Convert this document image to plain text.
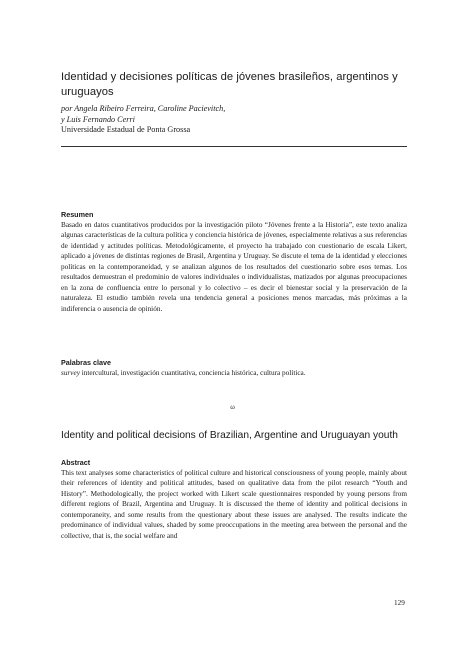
Identidad y decisiones políticas de jóvenes brasileños, argentinos y uruguayos
por Angela Ribeiro Ferreira, Caroline Pacievitch,
y Luis Fernando Cerri
Universidade Estadual de Ponta Grossa
Resumen

Basado en datos cuantitativos producidos por la investigación piloto “Jóvenes frente a la Historia”, este texto analiza algunas características de la cultura política y conciencia histórica de jóvenes, especialmente relativas a sus referencias de identidad y actitudes políticas. Metodológicamente, el proyecto ha trabajado con cuestionario de escala Likert, aplicado a jóvenes de distintas regiones de Brasil, Argentina y Uruguay. Se discute el tema de la identidad y elecciones políticas en la contemporaneidad, y se analizan algunos de los resultados del cuestionario sobre esos temas. Los resultados demuestran el predominio de valores individuales o individualistas, matizados por algunas preocupaciones en la zona de confluencia entre lo personal y lo colectivo – es decir el bienestar social y la preservación de la naturaleza. El estudio también revela una tendencia general a posiciones menos marcadas, más próximas a la indiferencia o ausencia de opinión.

Palabras clave

survey intercultural, investigación cuantitativa, conciencia histórica, cultura política.

ω
Identity and political decisions of Brazilian, Argentine and Uruguayan youth
Abstract

This text analyses some characteristics of political culture and historical consciousness of young people, mainly about their references of identity and political attitudes, based on qualitative data from the pilot research “Youth and History”. Methodologically, the project worked with Likert scale questionnaires responded by young persons from different regions of Brazil, Argentina and Uruguay. It is discussed the theme of identity and political decisions in contemporaneity, and some results from the questionary about these issues are analysed. The results indicate the predominance of individual values, shaded by some preoccupations in the meeting area between the personal and the collective, that is, the social welfare and

129
